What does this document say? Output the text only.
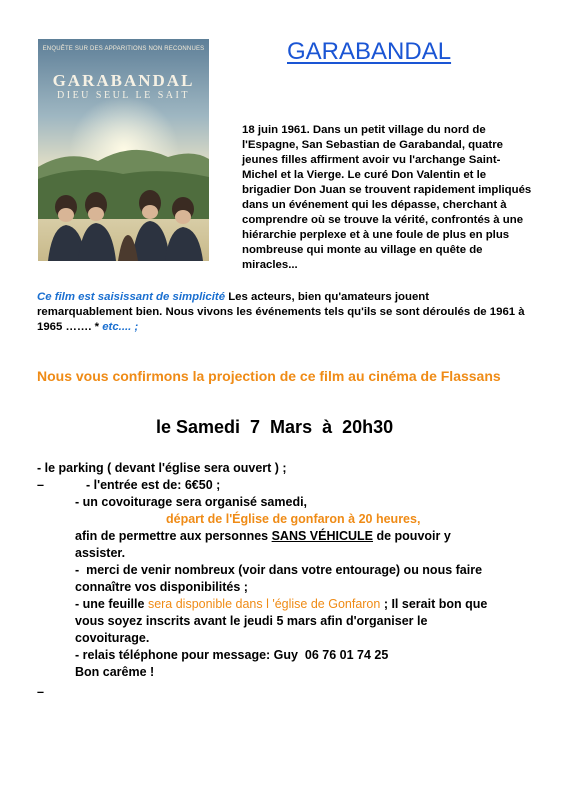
ENQUÊTE SUR DES APPARITIONS NON RECONNUES
GARABANDAL
DIEU SEUL LE SAIT
GARABANDAL
18 juin 1961. Dans un petit village du nord de l'Espagne, San Sebastian de Garabandal, quatre jeunes filles affirment avoir vu l'archange Saint-Michel et la Vierge. Le curé Don Valentin et le brigadier Don Juan se trouvent rapidement impliqués dans un événement qui les dépasse, cherchant à comprendre où se trouve la vérité, confrontés à une hiérarchie perplexe et à une foule de plus en plus nombreuse qui monte au village en quête de miracles...
Ce film est saisissant de simplicité Les acteurs, bien qu'amateurs jouent remarquablement bien. Nous vivons les événements tels qu'ils se sont déroulés de 1961 à 1965 ……. * etc.... ;
Nous vous confirmons la projection de ce film au cinéma de Flassans
le Samedi  7  Mars  à  20h30
- le parking ( devant l'église sera ouvert ) ;
–	- l'entrée est de: 6€50 ;
- un covoiturage sera organisé samedi,
départ de l'Église de gonfaron à 20 heures,
afin de permettre aux personnes SANS VÉHICULE de pouvoir y
assister.
-  merci de venir nombreux (voir dans votre entourage) ou nous faire
connaître vos disponibilités ;
- une feuille sera disponible dans l 'église de Gonfaron ; Il serait bon que
vous soyez inscrits avant le jeudi 5 mars afin d'organiser le
covoiturage.
- relais téléphone pour message: Guy  06 76 01 74 25
Bon carême !
–
